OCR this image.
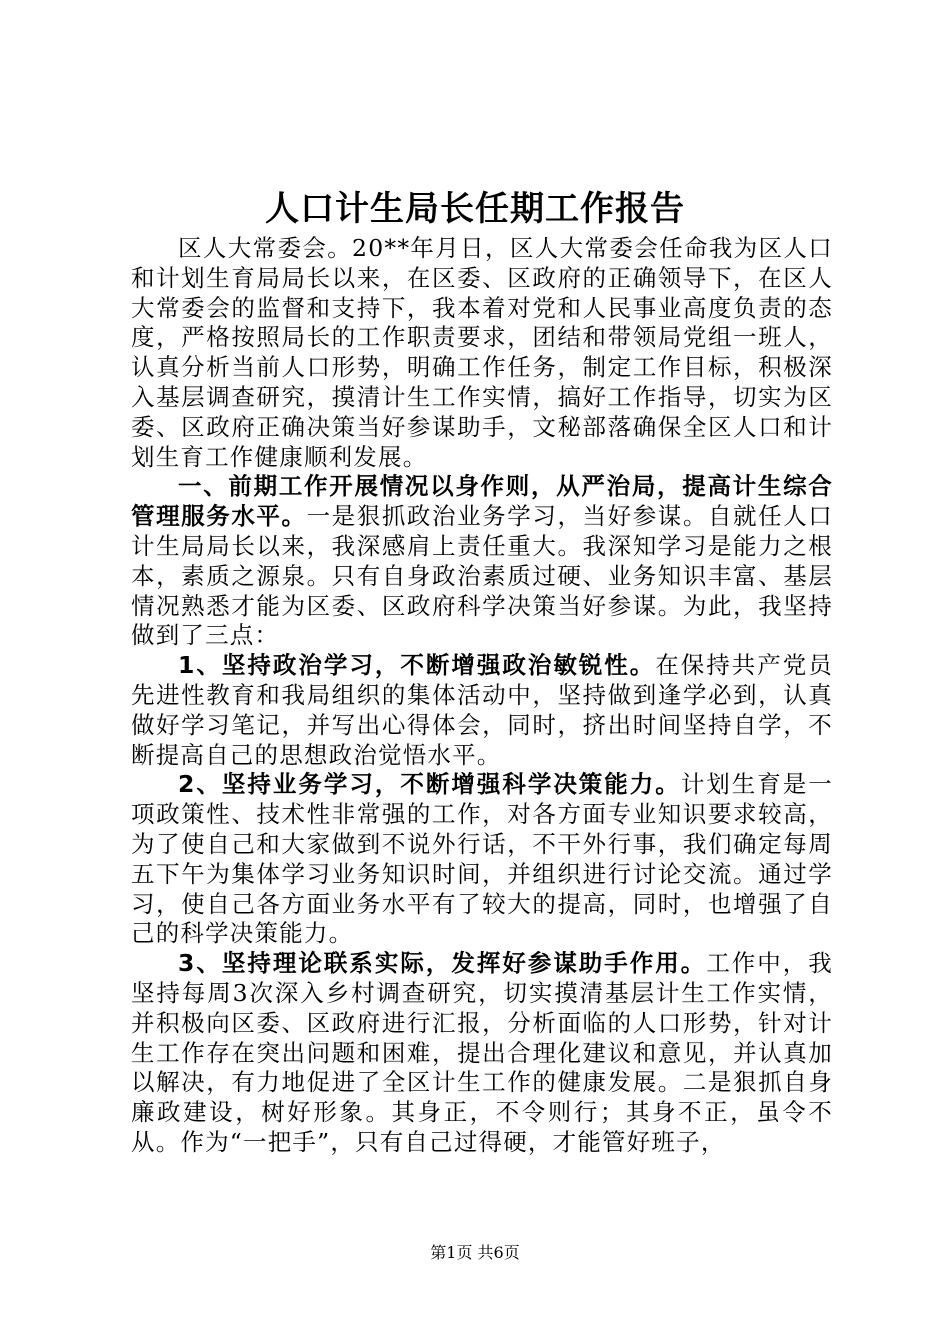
人口计生局长任期工作报告

区人大常委会。20**年月日，区人大常委会任命我为区人口和计划生育局局长以来，在区委、区政府的正确领导下，在区人大常委会的监督和支持下，我本着对党和人民事业高度负责的态度，严格按照局长的工作职责要求，团结和带领局党组一班人，认真分析当前人口形势，明确工作任务，制定工作目标，积极深入基层调查研究，摸清计生工作实情，搞好工作指导，切实为区委、区政府正确决策当好参谋助手，文秘部落确保全区人口和计划生育工作健康顺利发展。

一、前期工作开展情况以身作则，从严治局，提高计生综合管理服务水平。一是狠抓政治业务学习，当好参谋。自就任人口计生局局长以来，我深感肩上责任重大。我深知学习是能力之根本，素质之源泉。只有自身政治素质过硬、业务知识丰富、基层情况熟悉才能为区委、区政府科学决策当好参谋。为此，我坚持做到了三点：

1、坚持政治学习，不断增强政治敏锐性。在保持共产党员先进性教育和我局组织的集体活动中，坚持做到逢学必到，认真做好学习笔记，并写出心得体会，同时，挤出时间坚持自学，不断提高自己的思想政治觉悟水平。

2、坚持业务学习，不断增强科学决策能力。计划生育是一项政策性、技术性非常强的工作，对各方面专业知识要求较高，为了使自己和大家做到不说外行话，不干外行事，我们确定每周五下午为集体学习业务知识时间，并组织进行讨论交流。通过学习，使自己各方面业务水平有了较大的提高，同时，也增强了自己的科学决策能力。

3、坚持理论联系实际，发挥好参谋助手作用。工作中，我坚持每周3次深入乡村调查研究，切实摸清基层计生工作实情，并积极向区委、区政府进行汇报，分析面临的人口形势，针对计生工作存在突出问题和困难，提出合理化建议和意见，并认真加以解决，有力地促进了全区计生工作的健康发展。二是狠抓自身廉政建设，树好形象。其身正，不令则行；其身不正，虽令不从。作为“一把手”，只有自己过得硬，才能管好班子，

第1页 共6页
